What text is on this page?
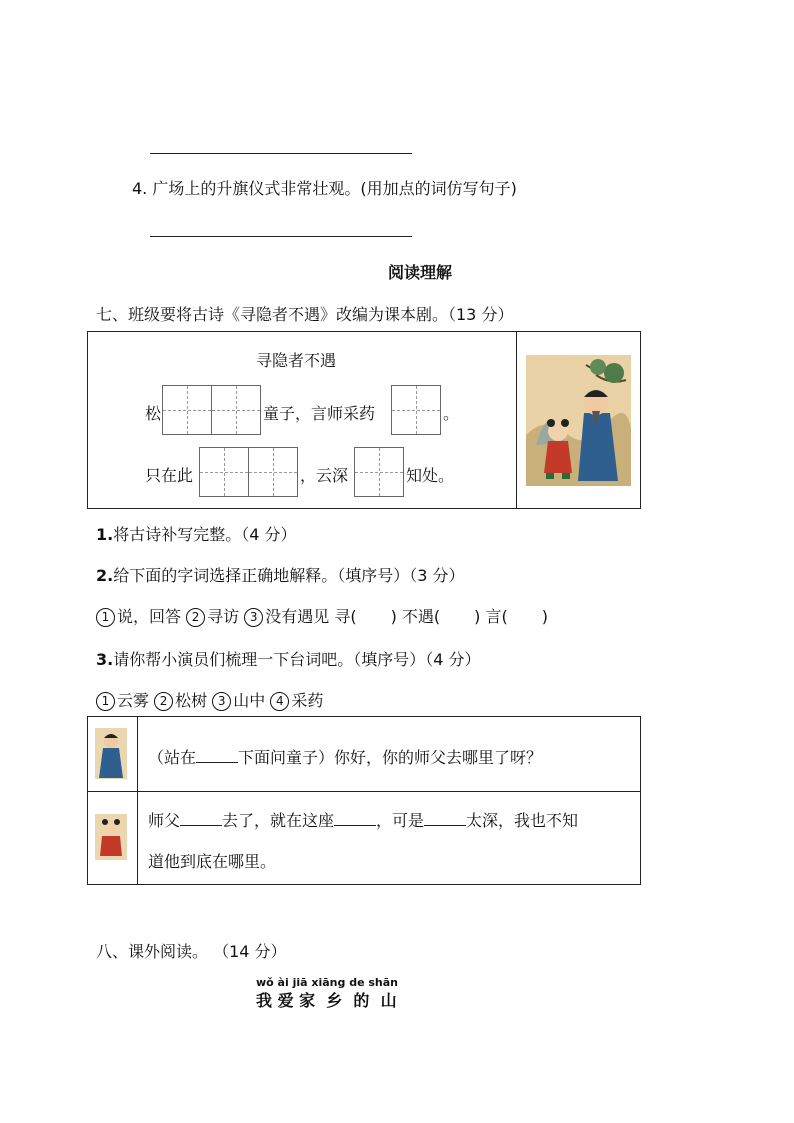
4. 广场上的升旗仪式非常壮观。(用加点的词仿写句子)
阅读理解
七、班级要将古诗《寻隐者不遇》改编为课本剧。（13 分）
寻隐者不遇
松	童子，言师采药	。
只在此	，云深	知处。
1.将古诗补写完整。（4 分）
2.给下面的字词选择正确地解释。（填序号）（3 分）
1 说，回答 2 寻访 3 没有遇见 寻( ) 不遇( ) 言( )
3.请你帮小演员们梳理一下台词吧。（填序号）（4 分）
1 云雾 2 松树 3 山中 4 采药
（站在	下面问童子）你好，你的师父去哪里了呀？
师父	去了，就在这座	，可是	太深，我也不知
道他到底在哪里。
八、课外阅读。 （14 分）
wǒ ài jiā xiāng de shān
我 爱 家  乡  的  山
